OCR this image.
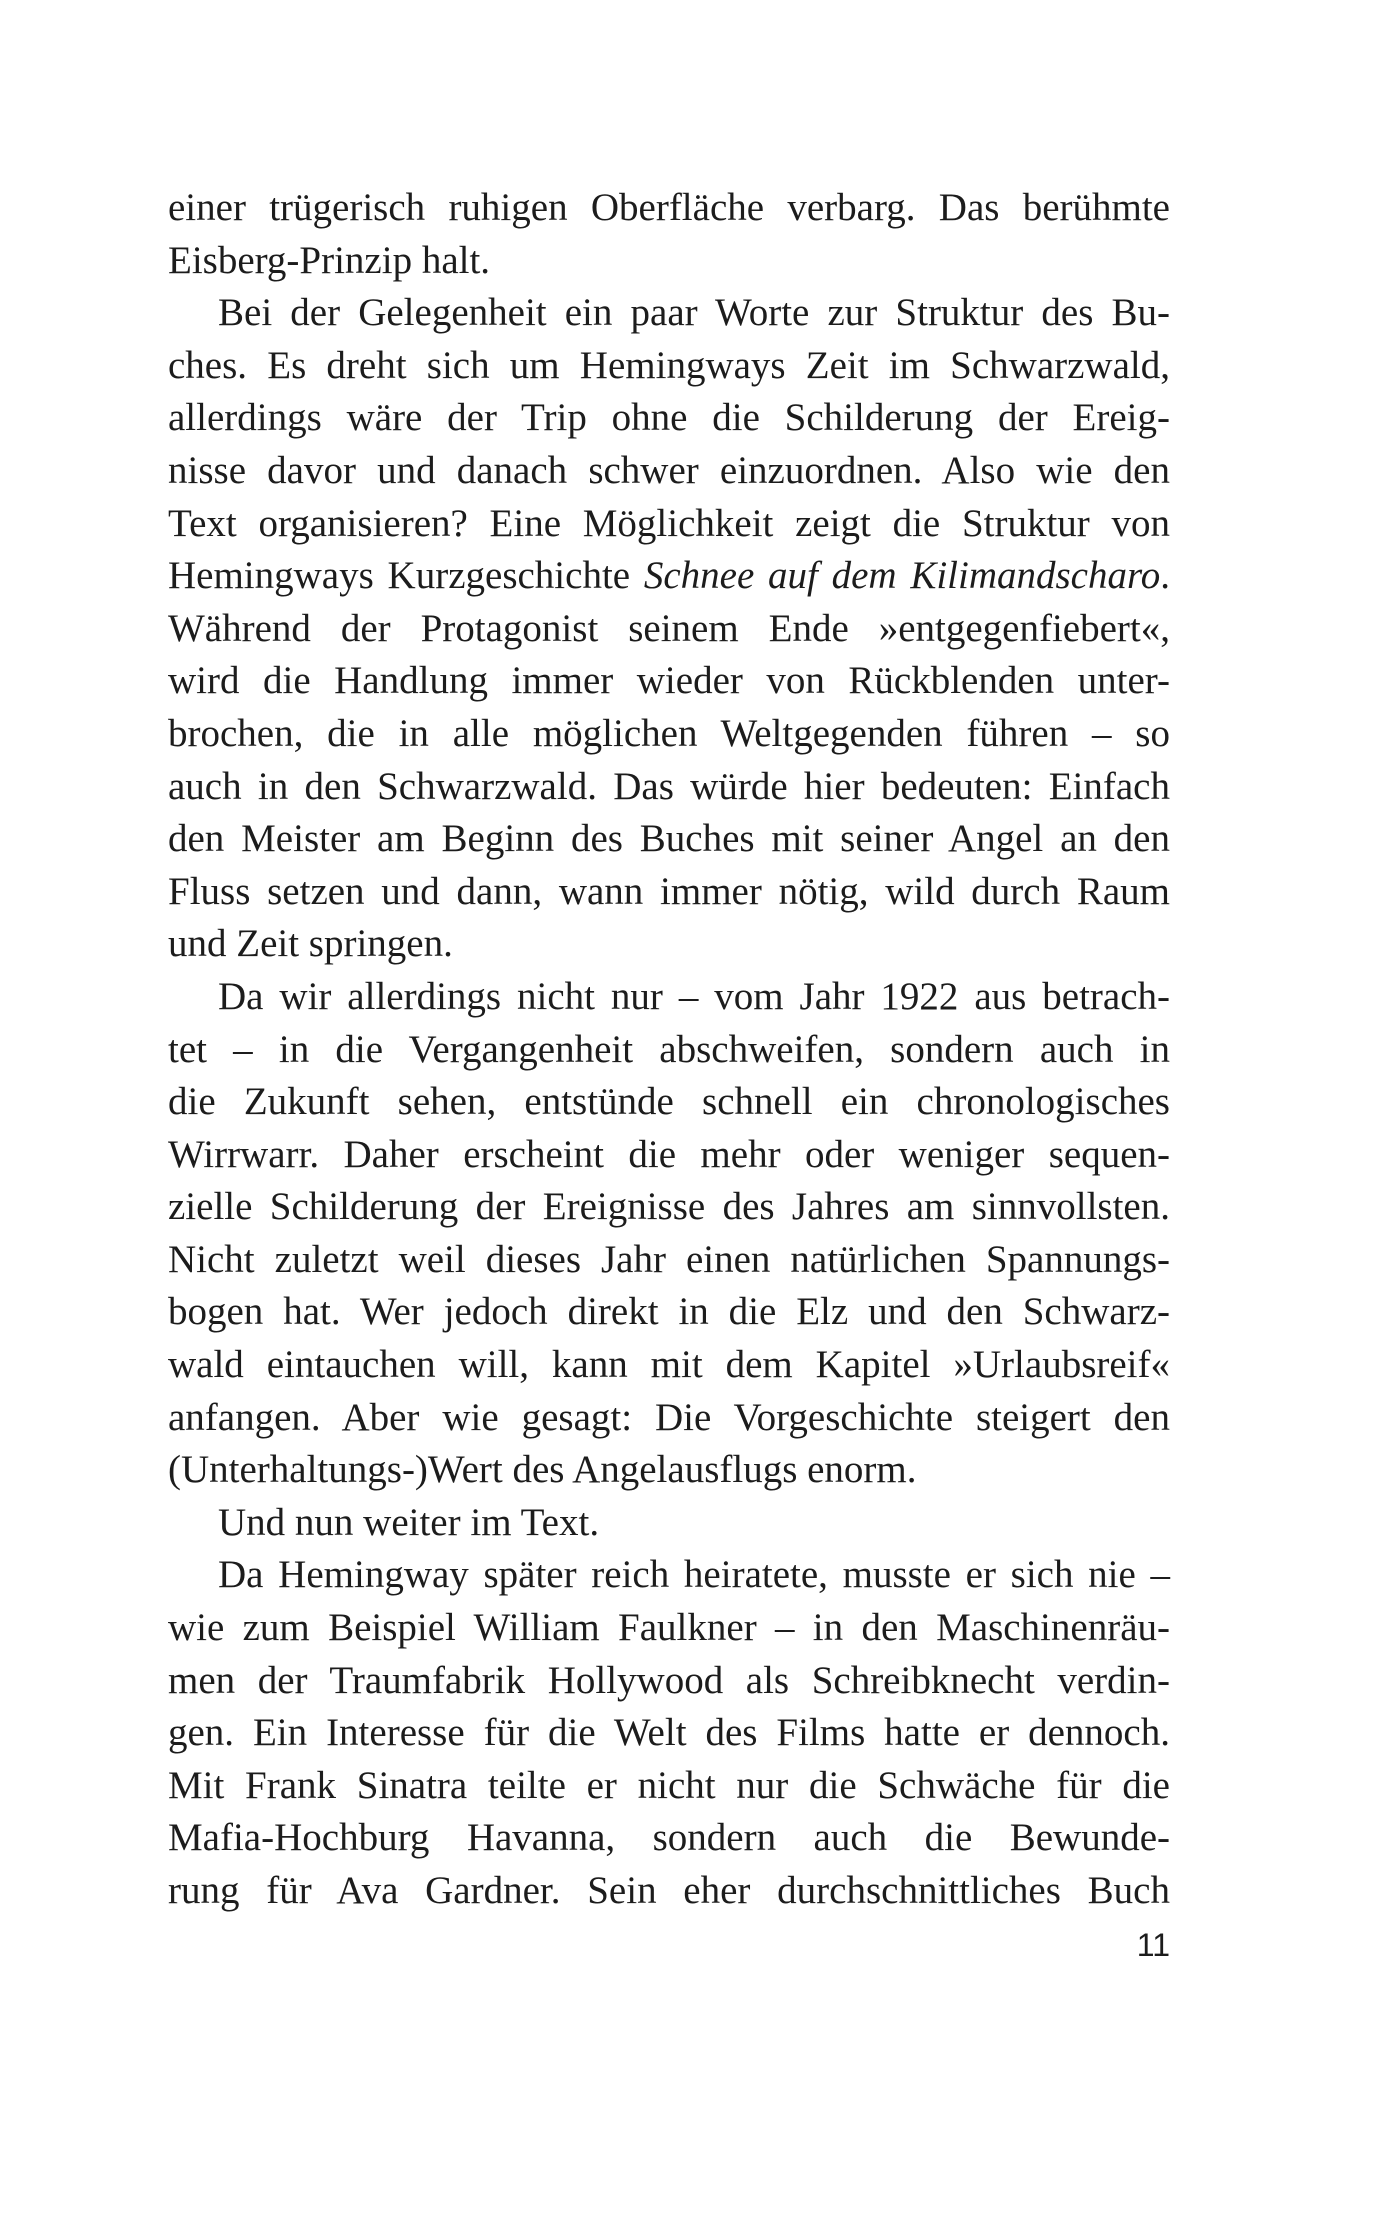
einer trügerisch ruhigen Oberfläche verbarg. Das berühmte
Eisberg-Prinzip halt.
Bei der Gelegenheit ein paar Worte zur Struktur des Bu-
ches. Es dreht sich um Hemingways Zeit im Schwarzwald,
allerdings wäre der Trip ohne die Schilderung der Ereig-
nisse davor und danach schwer einzuordnen. Also wie den
Text organisieren? Eine Möglichkeit zeigt die Struktur von
Hemingways Kurzgeschichte Schnee auf dem Kilimandscharo.
Während der Protagonist seinem Ende »entgegenfiebert«,
wird die Handlung immer wieder von Rückblenden unter-
brochen, die in alle möglichen Weltgegenden führen – so
auch in den Schwarzwald. Das würde hier bedeuten: Einfach
den Meister am Beginn des Buches mit seiner Angel an den
Fluss setzen und dann, wann immer nötig, wild durch Raum
und Zeit springen.
Da wir allerdings nicht nur – vom Jahr 1922 aus betrach-
tet – in die Vergangenheit abschweifen, sondern auch in
die Zukunft sehen, entstünde schnell ein chronologisches
Wirrwarr. Daher erscheint die mehr oder weniger sequen-
zielle Schilderung der Ereignisse des Jahres am sinnvollsten.
Nicht zuletzt weil dieses Jahr einen natürlichen Spannungs-
bogen hat. Wer jedoch direkt in die Elz und den Schwarz-
wald eintauchen will, kann mit dem Kapitel »Urlaubsreif«
anfangen. Aber wie gesagt: Die Vorgeschichte steigert den
(Unterhaltungs-)Wert des Angelausflugs enorm.
Und nun weiter im Text.
Da Hemingway später reich heiratete, musste er sich nie –
wie zum Beispiel William Faulkner – in den Maschinenräu-
men der Traumfabrik Hollywood als Schreibknecht verdin-
gen. Ein Interesse für die Welt des Films hatte er dennoch.
Mit Frank Sinatra teilte er nicht nur die Schwäche für die
Mafia-Hochburg Havanna, sondern auch die Bewunde-
rung für Ava Gardner. Sein eher durchschnittliches Buch
11
